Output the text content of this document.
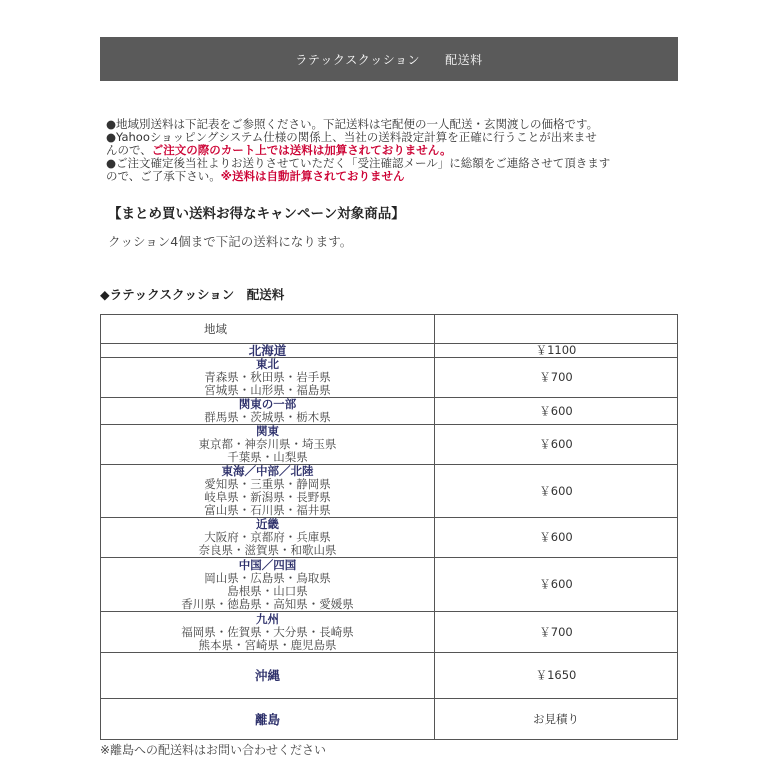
ラテックスクッション
　　 配送料

●地域別送料は下記表をご参照ください。下記送料は宅配便の一人配送・玄関渡しの価格です。

●Yahooショッピングシステム仕様の関係上、当社の送料設定計算を正確に行うことが出来ませ

んので、ご注文の際のカート上では送料は加算されておりません。

●ご注文確定後当社よりお送りさせていただく「受注確認メール」に総額をご連絡させて頂きます

ので、ご了承下さい。※送料は自動計算されておりません

【まとめ買い送料お得なキャンペーン対象商品】
クッション4個まで下記の送料になります。
◆ラテックスクッション　配送料
地域	

北海道	￥1100

東北
青森県・秋田県・岩手県
宮城県・山形県・福島県	￥700

関東の一部
群馬県・茨城県・栃木県	￥600

関東
東京都・神奈川県・埼玉県
千葉県・山梨県	￥600

東海／中部／北陸
愛知県・三重県・静岡県
岐阜県・新潟県・長野県
富山県・石川県・福井県	￥600

近畿
大阪府・京都府・兵庫県
奈良県・滋賀県・和歌山県	￥600

中国／四国
岡山県・広島県・鳥取県
島根県・山口県
香川県・徳島県・高知県・愛媛県	￥600

九州
福岡県・佐賀県・大分県・長崎県
熊本県・宮崎県・鹿児島県	￥700

沖縄	￥1650

離島	お見積り
※離島への配送料はお問い合わせください
